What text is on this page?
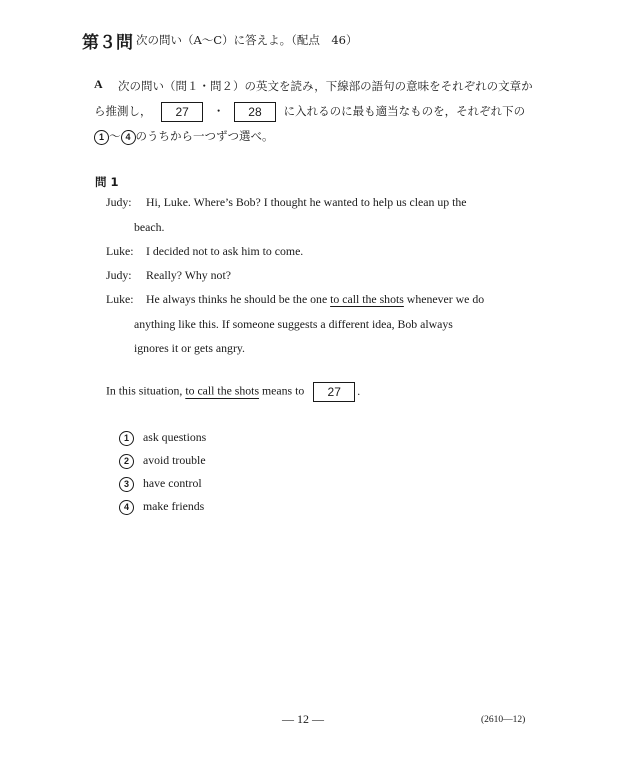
第３問 次の問い（A～C）に答えよ。（配点　46）
A 次の問い（問１・問２）の英文を読み，下線部の語句の意味をそれぞれの文章か
ら推測し， 27 ・ 28 に入れるのに最も適当なものを，それぞれ下の
1 ～ 4 のうちから一つずつ選べ。
問 1
Judy: Hi, Luke. Where’s Bob? I thought he wanted to help us clean up the
beach.
Luke: I decided not to ask him to come.
Judy: Really? Why not?
Luke: He always thinks he should be the one to call the shots whenever we do
anything like this. If someone suggests a different idea, Bob always
ignores it or gets angry.
In this situation, to call the shots means to 27 .
1 ask questions
2 avoid trouble
3 have control
4 make friends
— 12 —	(2610—12)
